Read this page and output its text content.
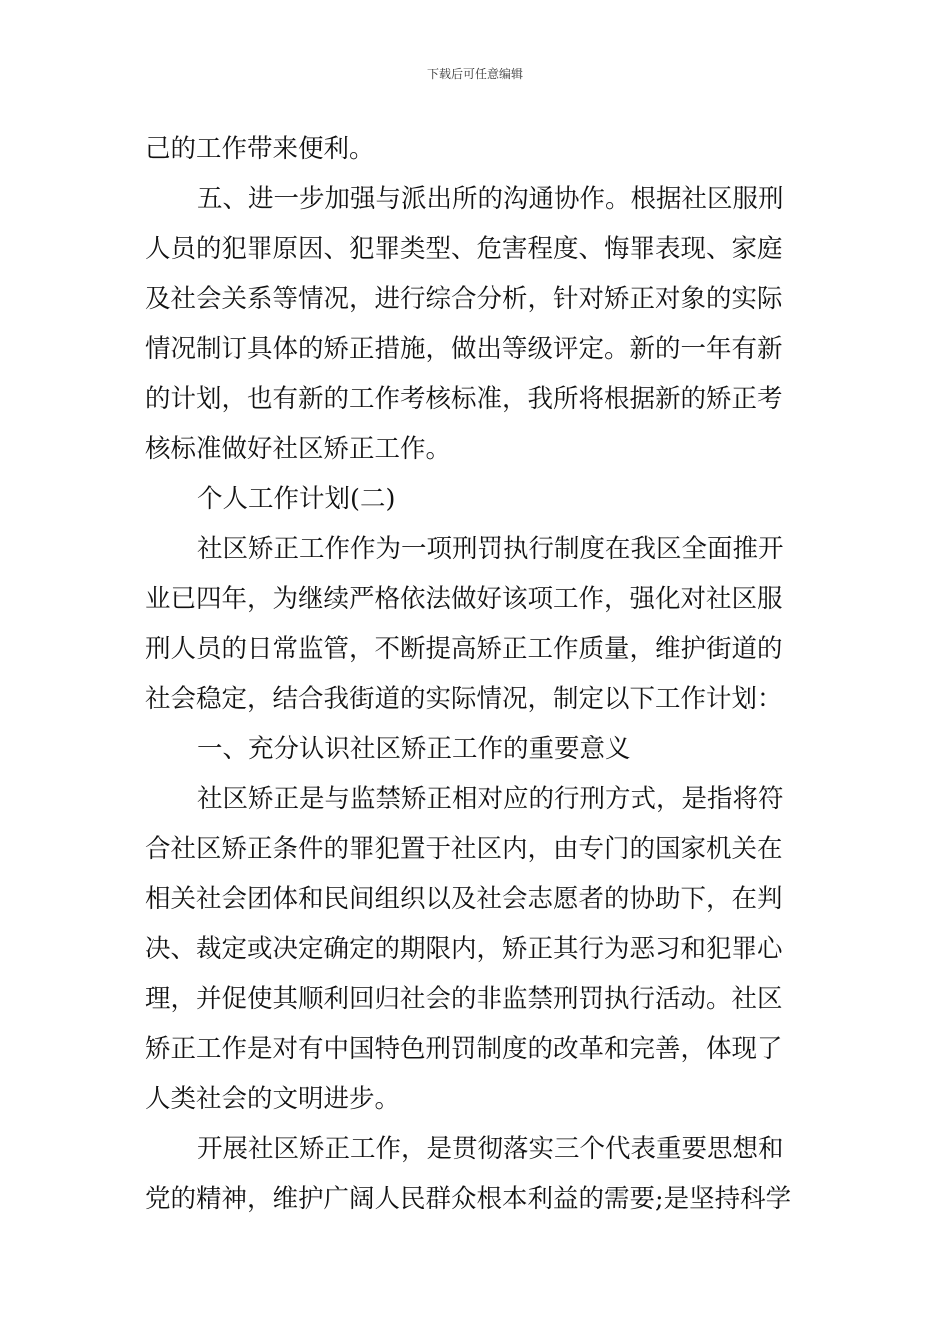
下载后可任意编辑
己的工作带来便利。
五、进一步加强与派出所的沟通协作。根据社区服刑
人员的犯罪原因、犯罪类型、危害程度、悔罪表现、家庭
及社会关系等情况，进行综合分析，针对矫正对象的实际
情况制订具体的矫正措施，做出等级评定。新的一年有新
的计划，也有新的工作考核标准，我所将根据新的矫正考
核标准做好社区矫正工作。
个人工作计划(二)
社区矫正工作作为一项刑罚执行制度在我区全面推开
业已四年，为继续严格依法做好该项工作，强化对社区服
刑人员的日常监管，不断提高矫正工作质量，维护街道的
社会稳定，结合我街道的实际情况，制定以下工作计划：
一、充分认识社区矫正工作的重要意义
社区矫正是与监禁矫正相对应的行刑方式，是指将符
合社区矫正条件的罪犯置于社区内，由专门的国家机关在
相关社会团体和民间组织以及社会志愿者的协助下，在判
决、裁定或决定确定的期限内，矫正其行为恶习和犯罪心
理，并促使其顺利回归社会的非监禁刑罚执行活动。社区
矫正工作是对有中国特色刑罚制度的改革和完善，体现了
人类社会的文明进步。
开展社区矫正工作，是贯彻落实三个代表重要思想和
党的精神，维护广阔人民群众根本利益的需要;是坚持科学
